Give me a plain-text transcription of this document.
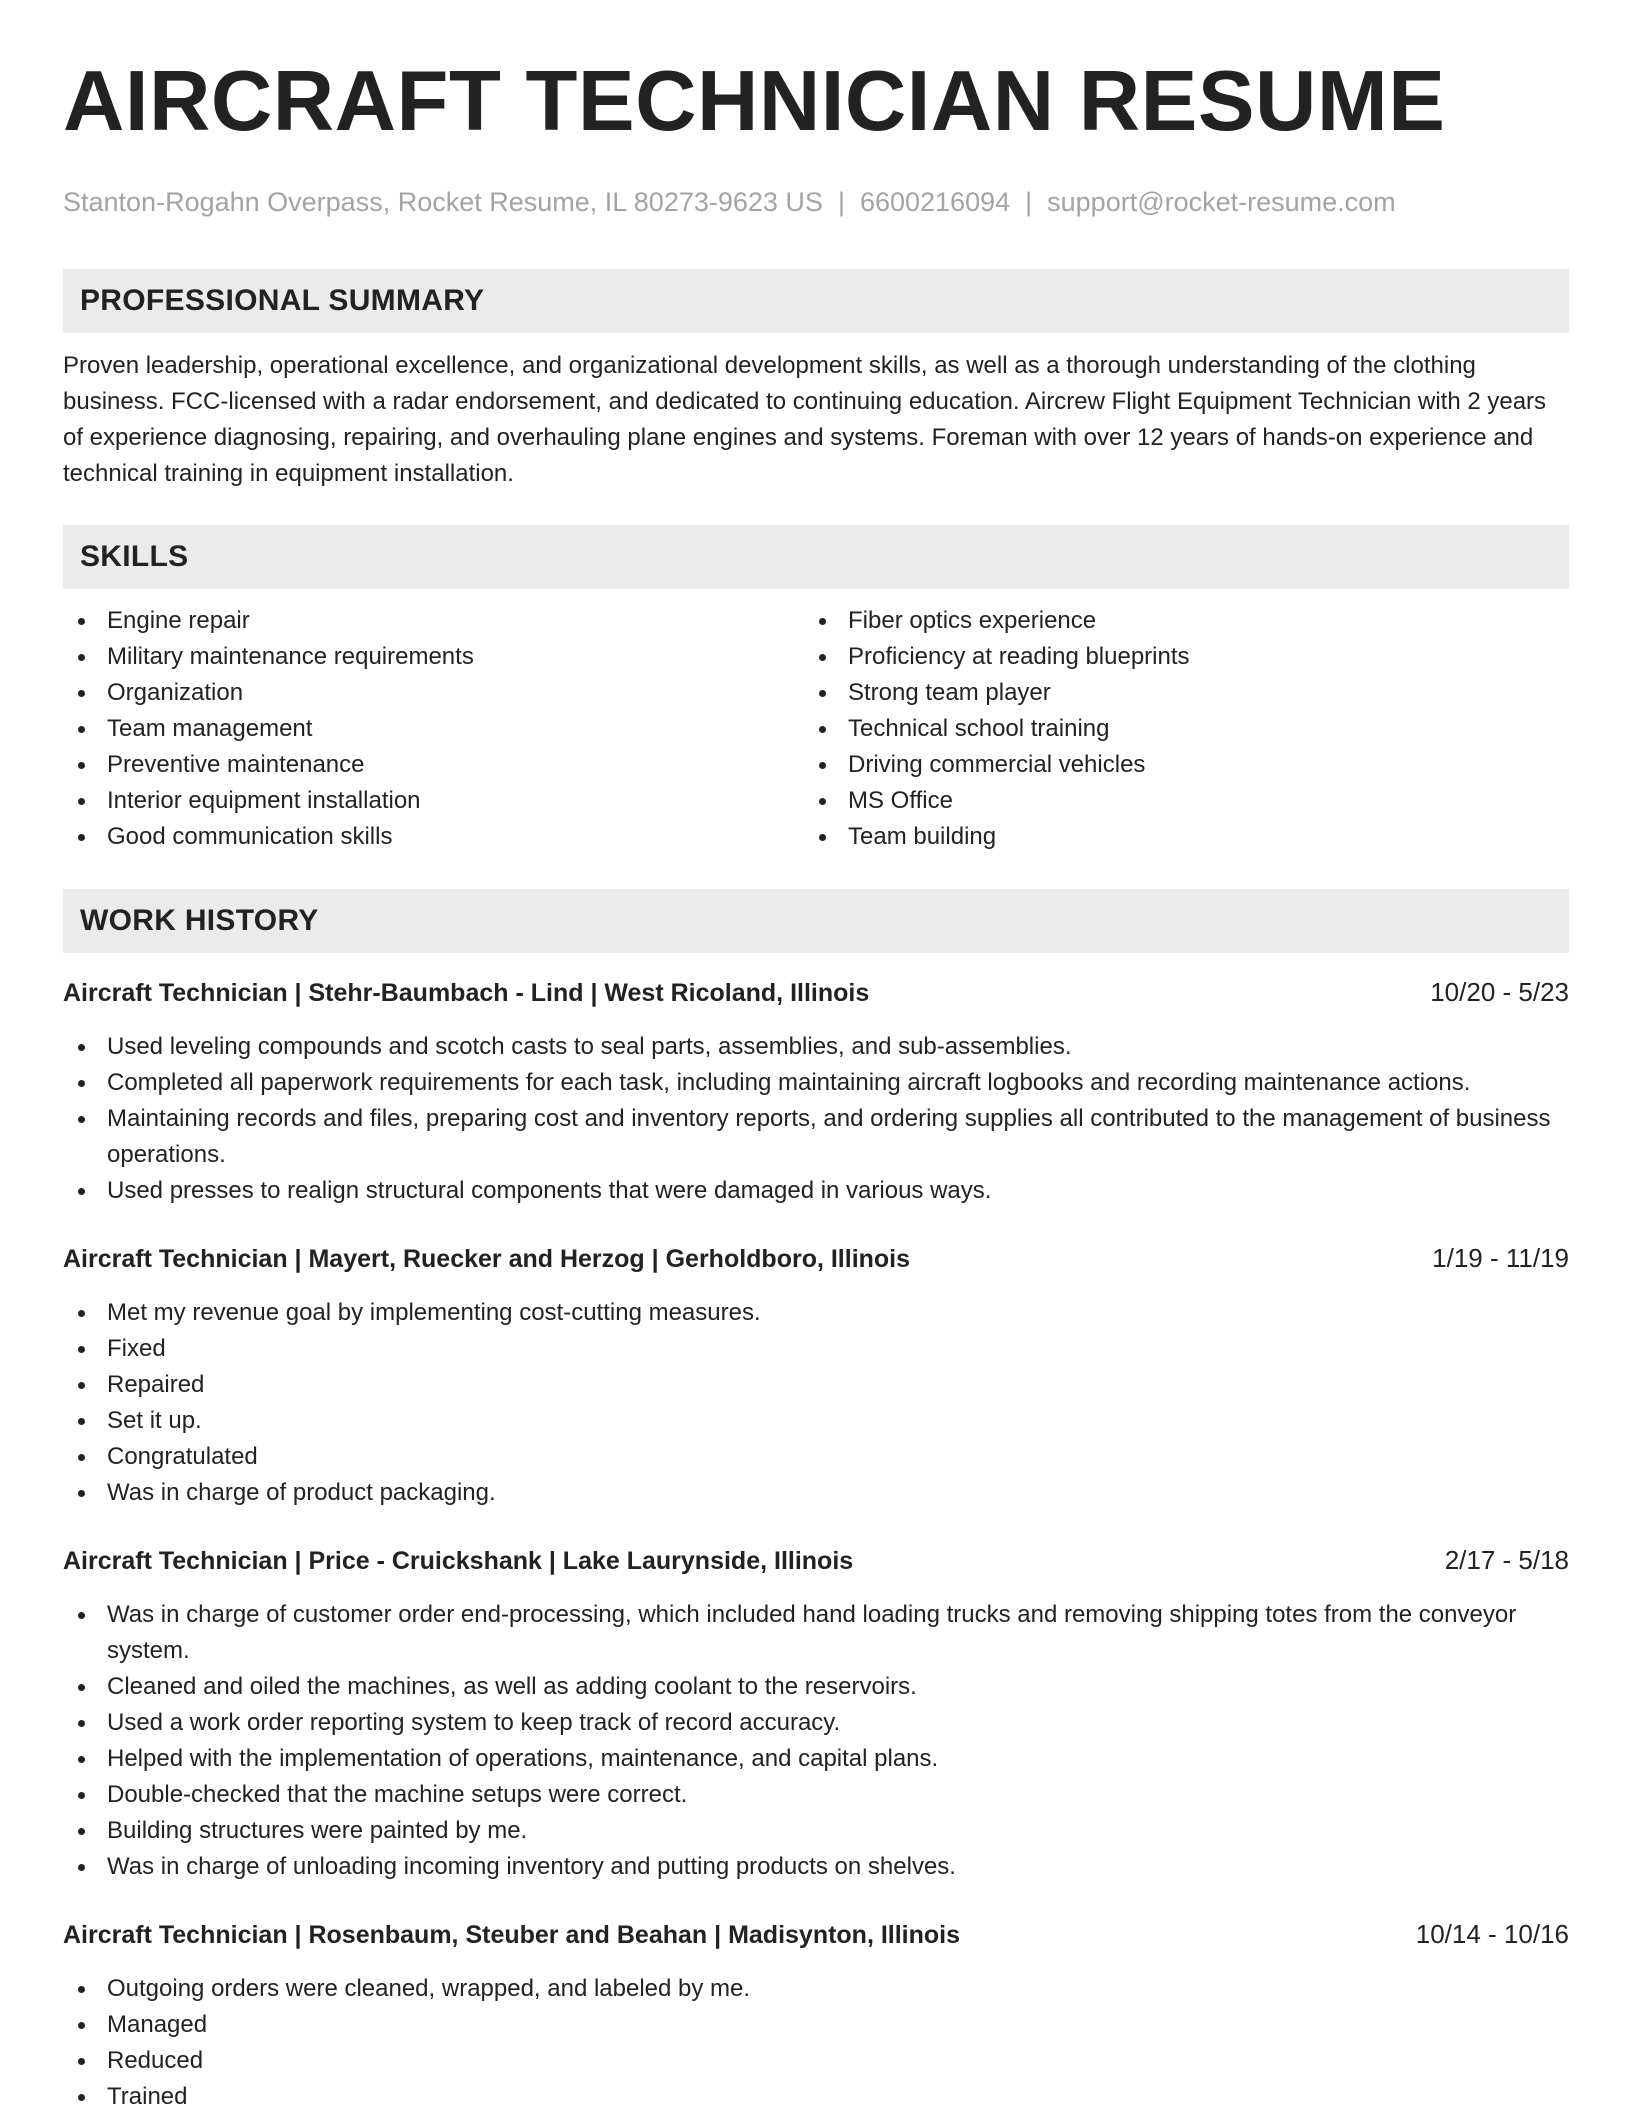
AIRCRAFT TECHNICIAN RESUME
Stanton-Rogahn Overpass, Rocket Resume, IL 80273-9623 US | 6600216094 | support@rocket-resume.com
PROFESSIONAL SUMMARY
Proven leadership, operational excellence, and organizational development skills, as well as a thorough understanding of the clothing business. FCC-licensed with a radar endorsement, and dedicated to continuing education. Aircrew Flight Equipment Technician with 2 years of experience diagnosing, repairing, and overhauling plane engines and systems. Foreman with over 12 years of hands-on experience and technical training in equipment installation.
SKILLS
Engine repair
Military maintenance requirements
Organization
Team management
Preventive maintenance
Interior equipment installation
Good communication skills
Fiber optics experience
Proficiency at reading blueprints
Strong team player
Technical school training
Driving commercial vehicles
MS Office
Team building
WORK HISTORY
Aircraft Technician | Stehr-Baumbach - Lind | West Ricoland, Illinois	10/20 - 5/23
Used leveling compounds and scotch casts to seal parts, assemblies, and sub-assemblies.
Completed all paperwork requirements for each task, including maintaining aircraft logbooks and recording maintenance actions.
Maintaining records and files, preparing cost and inventory reports, and ordering supplies all contributed to the management of business operations.
Used presses to realign structural components that were damaged in various ways.
Aircraft Technician | Mayert, Ruecker and Herzog | Gerholdboro, Illinois	1/19 - 11/19
Met my revenue goal by implementing cost-cutting measures.
Fixed
Repaired
Set it up.
Congratulated
Was in charge of product packaging.
Aircraft Technician | Price - Cruickshank | Lake Laurynside, Illinois	2/17 - 5/18
Was in charge of customer order end-processing, which included hand loading trucks and removing shipping totes from the conveyor system.
Cleaned and oiled the machines, as well as adding coolant to the reservoirs.
Used a work order reporting system to keep track of record accuracy.
Helped with the implementation of operations, maintenance, and capital plans.
Double-checked that the machine setups were correct.
Building structures were painted by me.
Was in charge of unloading incoming inventory and putting products on shelves.
Aircraft Technician | Rosenbaum, Steuber and Beahan | Madisynton, Illinois	10/14 - 10/16
Outgoing orders were cleaned, wrapped, and labeled by me.
Managed
Reduced
Trained
